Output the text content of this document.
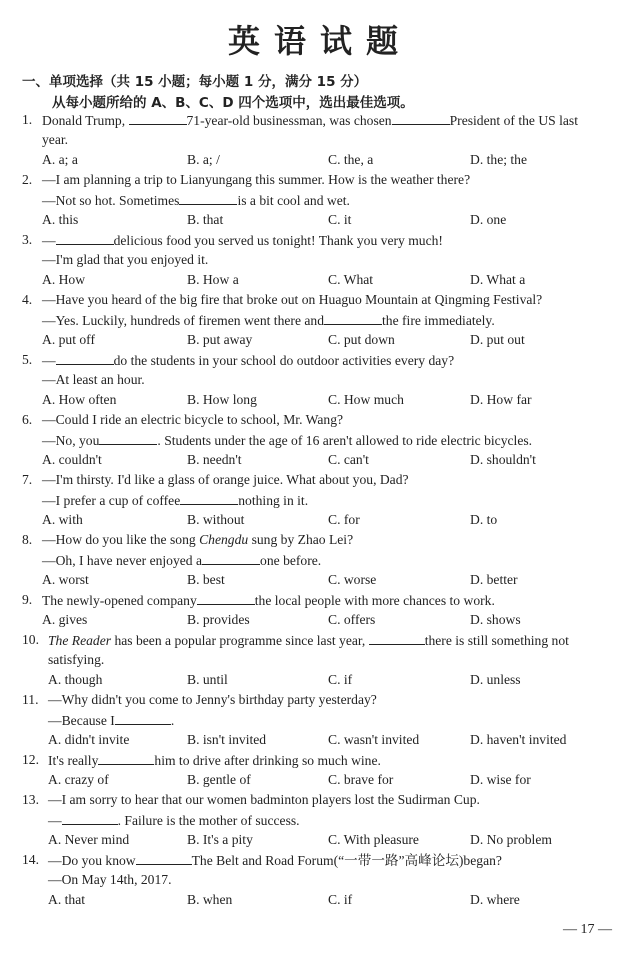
英语试题
一、单项选择（共 15 小题；每小题 1 分，满分 15 分）
从每小题所给的 A、B、C、D 四个选项中，选出最佳选项。
1. Donald Trump,	71-year-old businessman, was chosen	President of the US last
year.
A. a; a	B. a; /	C. the, a	D. the; the
2. —I am planning a trip to Lianyungang this summer. How is the weather there?
—Not so hot. Sometimes	is a bit cool and wet.
A. this	B. that	C. it	D. one
3. —	delicious food you served us tonight! Thank you very much!
—I'm glad that you enjoyed it.
A. How	B. How a	C. What	D. What a
4. —Have you heard of the big fire that broke out on Huaguo Mountain at Qingming Festival?
—Yes. Luckily, hundreds of firemen went there and	the fire immediately.
A. put off	B. put away	C. put down	D. put out
5. —	do the students in your school do outdoor activities every day?
—At least an hour.
A. How often	B. How long	C. How much	D. How far
6. —Could I ride an electric bicycle to school, Mr. Wang?
—No, you	. Students under the age of 16 aren't allowed to ride electric bicycles.
A. couldn't	B. needn't	C. can't	D. shouldn't
7. —I'm thirsty. I'd like a glass of orange juice. What about you, Dad?
—I prefer a cup of coffee	nothing in it.
A. with	B. without	C. for	D. to
8. —How do you like the song Chengdu sung by Zhao Lei?
—Oh, I have never enjoyed a	one before.
A. worst	B. best	C. worse	D. better
9. The newly-opened company	the local people with more chances to work.
A. gives	B. provides	C. offers	D. shows
10. The Reader has been a popular programme since last year,	there is still something not
satisfying.
A. though	B. until	C. if	D. unless
11. —Why didn't you come to Jenny's birthday party yesterday?
—Because I	.
A. didn't invite	B. isn't invited	C. wasn't invited	D. haven't invited
12. It's really	him to drive after drinking so much wine.
A. crazy of	B. gentle of	C. brave for	D. wise for
13. —I am sorry to hear that our women badminton players lost the Sudirman Cup.
—	. Failure is the mother of success.
A. Never mind	B. It's a pity	C. With pleasure	D. No problem
14. —Do you know	The Belt and Road Forum(“一带一路”高峰论坛)began?
—On May 14th, 2017.
A. that	B. when	C. if	D. where
— 17 —
